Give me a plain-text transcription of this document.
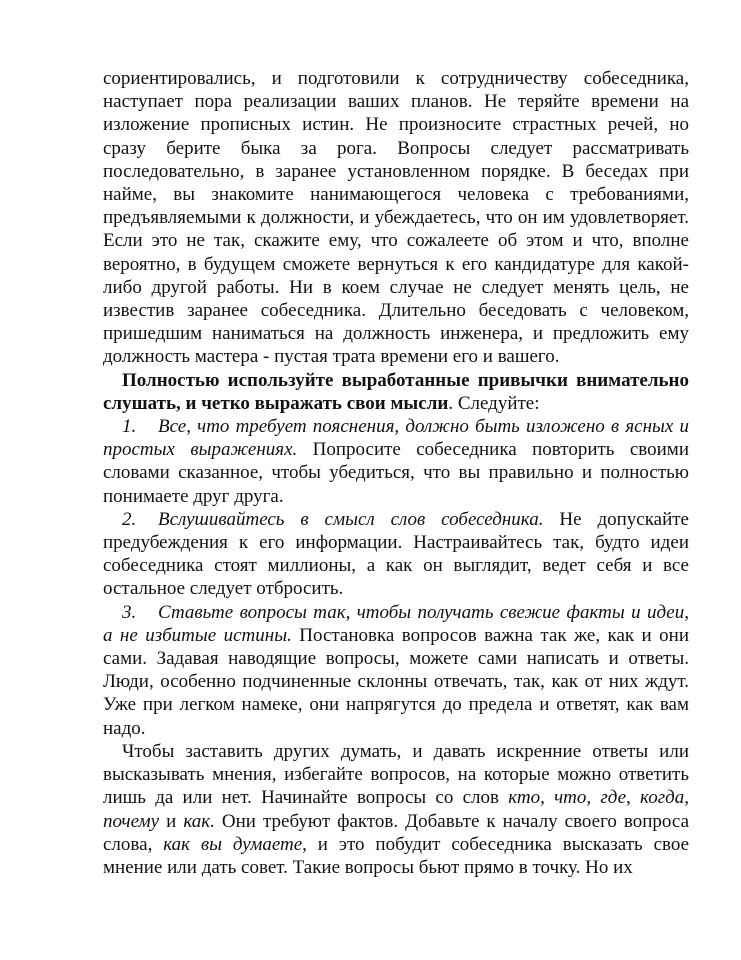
сориентировались, и подготовили к сотрудничеству собеседника, наступает пора реализации ваших планов. Не теряйте времени на изложение прописных истин. Не произносите страстных речей, но сразу берите быка за рога. Вопросы следует рассматривать последовательно, в заранее установленном порядке. В беседах при найме, вы знакомите нанимающегося человека с требованиями, предъявляемыми к должности, и убеждаетесь, что он им удовлетворяет. Если это не так, скажите ему, что сожалеете об этом и что, вполне вероятно, в будущем сможете вернуться к его кандидатуре для какой-либо другой работы. Ни в коем случае не следует менять цель, не известив заранее собеседника. Длительно беседовать с человеком, пришедшим наниматься на должность инженера, и предложить ему должность мастера - пустая трата времени его и вашего.

Полностью используйте выработанные привычки внимательно слушать, и четко выражать свои мысли. Следуйте:

1. Все, что требует пояснения, должно быть изложено в ясных и простых выражениях. Попросите собеседника повторить своими словами сказанное, чтобы убедиться, что вы правильно и полностью понимаете друг друга.

2. Вслушивайтесь в смысл слов собеседника. Не допускайте предубеждения к его информации. Настраивайтесь так, будто идеи собеседника стоят миллионы, а как он выглядит, ведет себя и все остальное следует отбросить.

3. Ставьте вопросы так, чтобы получать свежие факты и идеи, а не избитые истины. Постановка вопросов важна так же, как и они сами. Задавая наводящие вопросы, можете сами написать и ответы. Люди, особенно подчиненные склонны отвечать, так, как от них ждут. Уже при легком намеке, они напрягутся до предела и ответят, как вам надо.

Чтобы заставить других думать, и давать искренние ответы или высказывать мнения, избегайте вопросов, на которые можно ответить лишь да или нет. Начинайте вопросы со слов кто, что, где, когда, почему и как. Они требуют фактов. Добавьте к началу своего вопроса слова, как вы думаете, и это побудит собеседника высказать свое мнение или дать совет. Такие вопросы бьют прямо в точку. Но их
